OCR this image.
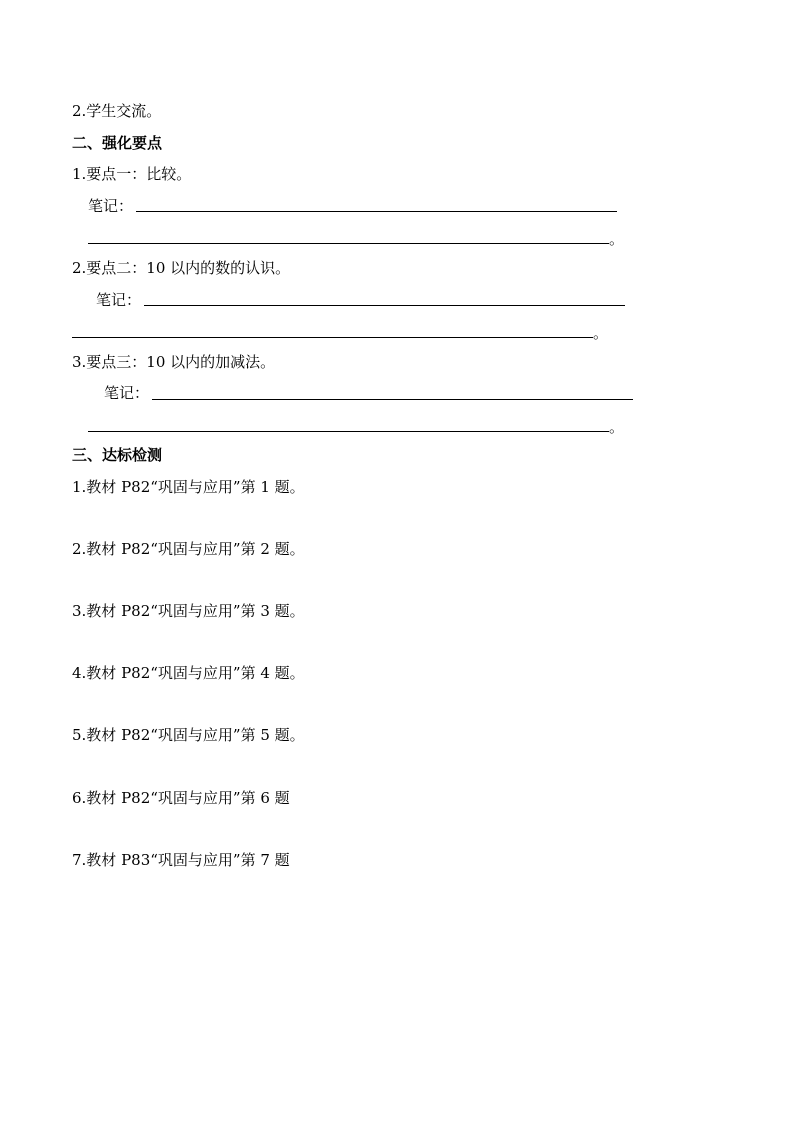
2.学生交流。
二、强化要点
1.要点一：比较。
笔记：
。
2.要点二：10 以内的数的认识。
笔记：
。
3.要点三：10 以内的加减法。
笔记：
。
三、达标检测
1.教材 P82“巩固与应用”第 1 题。
2.教材 P82“巩固与应用”第 2 题。
3.教材 P82“巩固与应用”第 3 题。
4.教材 P82“巩固与应用”第 4 题。
5.教材 P82“巩固与应用”第 5 题。
6.教材 P82“巩固与应用”第 6 题
7.教材 P83“巩固与应用”第 7 题
